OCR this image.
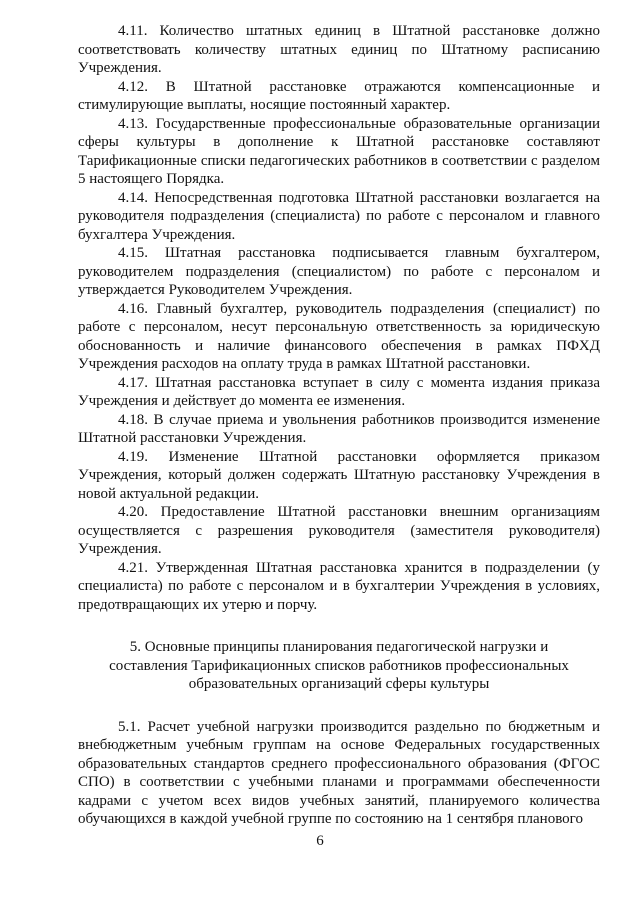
4.11. Количество штатных единиц в Штатной расстановке должно соответствовать количеству штатных единиц по Штатному расписанию Учреждения.

4.12. В Штатной расстановке отражаются компенсационные и стимулирующие выплаты, носящие постоянный характер.

4.13. Государственные профессиональные образовательные организации сферы культуры в дополнение к Штатной расстановке составляют Тарификационные списки педагогических работников в соответствии с разделом 5 настоящего Порядка.

4.14. Непосредственная подготовка Штатной расстановки возлагается на руководителя подразделения (специалиста) по работе с персоналом и главного бухгалтера Учреждения.

4.15. Штатная расстановка подписывается главным бухгалтером, руководителем подразделения (специалистом) по работе с персоналом и утверждается Руководителем Учреждения.

4.16. Главный бухгалтер, руководитель подразделения (специалист) по работе с персоналом, несут персональную ответственность за юридическую обоснованность и наличие финансового обеспечения в рамках ПФХД Учреждения расходов на оплату труда в рамках Штатной расстановки.

4.17. Штатная расстановка вступает в силу с момента издания приказа Учреждения и действует до момента ее изменения.

4.18. В случае приема и увольнения работников производится изменение Штатной расстановки Учреждения.

4.19. Изменение Штатной расстановки оформляется приказом Учреждения, который должен содержать Штатную расстановку Учреждения в новой актуальной редакции.

4.20. Предоставление Штатной расстановки внешним организациям осуществляется с разрешения руководителя (заместителя руководителя) Учреждения.

4.21. Утвержденная Штатная расстановка хранится в подразделении (у специалиста) по работе с персоналом и в бухгалтерии Учреждения в условиях, предотвращающих их утерю и порчу.

5. Основные принципы планирования педагогической нагрузки и
составления Тарификационных списков работников профессиональных
образовательных организаций сферы культуры

5.1. Расчет учебной нагрузки производится раздельно по бюджетным и внебюджетным учебным группам на основе Федеральных государственных образовательных стандартов среднего профессионального образования (ФГОС СПО) в соответствии с учебными планами и программами обеспеченности кадрами с учетом всех видов учебных занятий, планируемого количества обучающихся в каждой учебной группе по состоянию на 1 сентября планового

6
